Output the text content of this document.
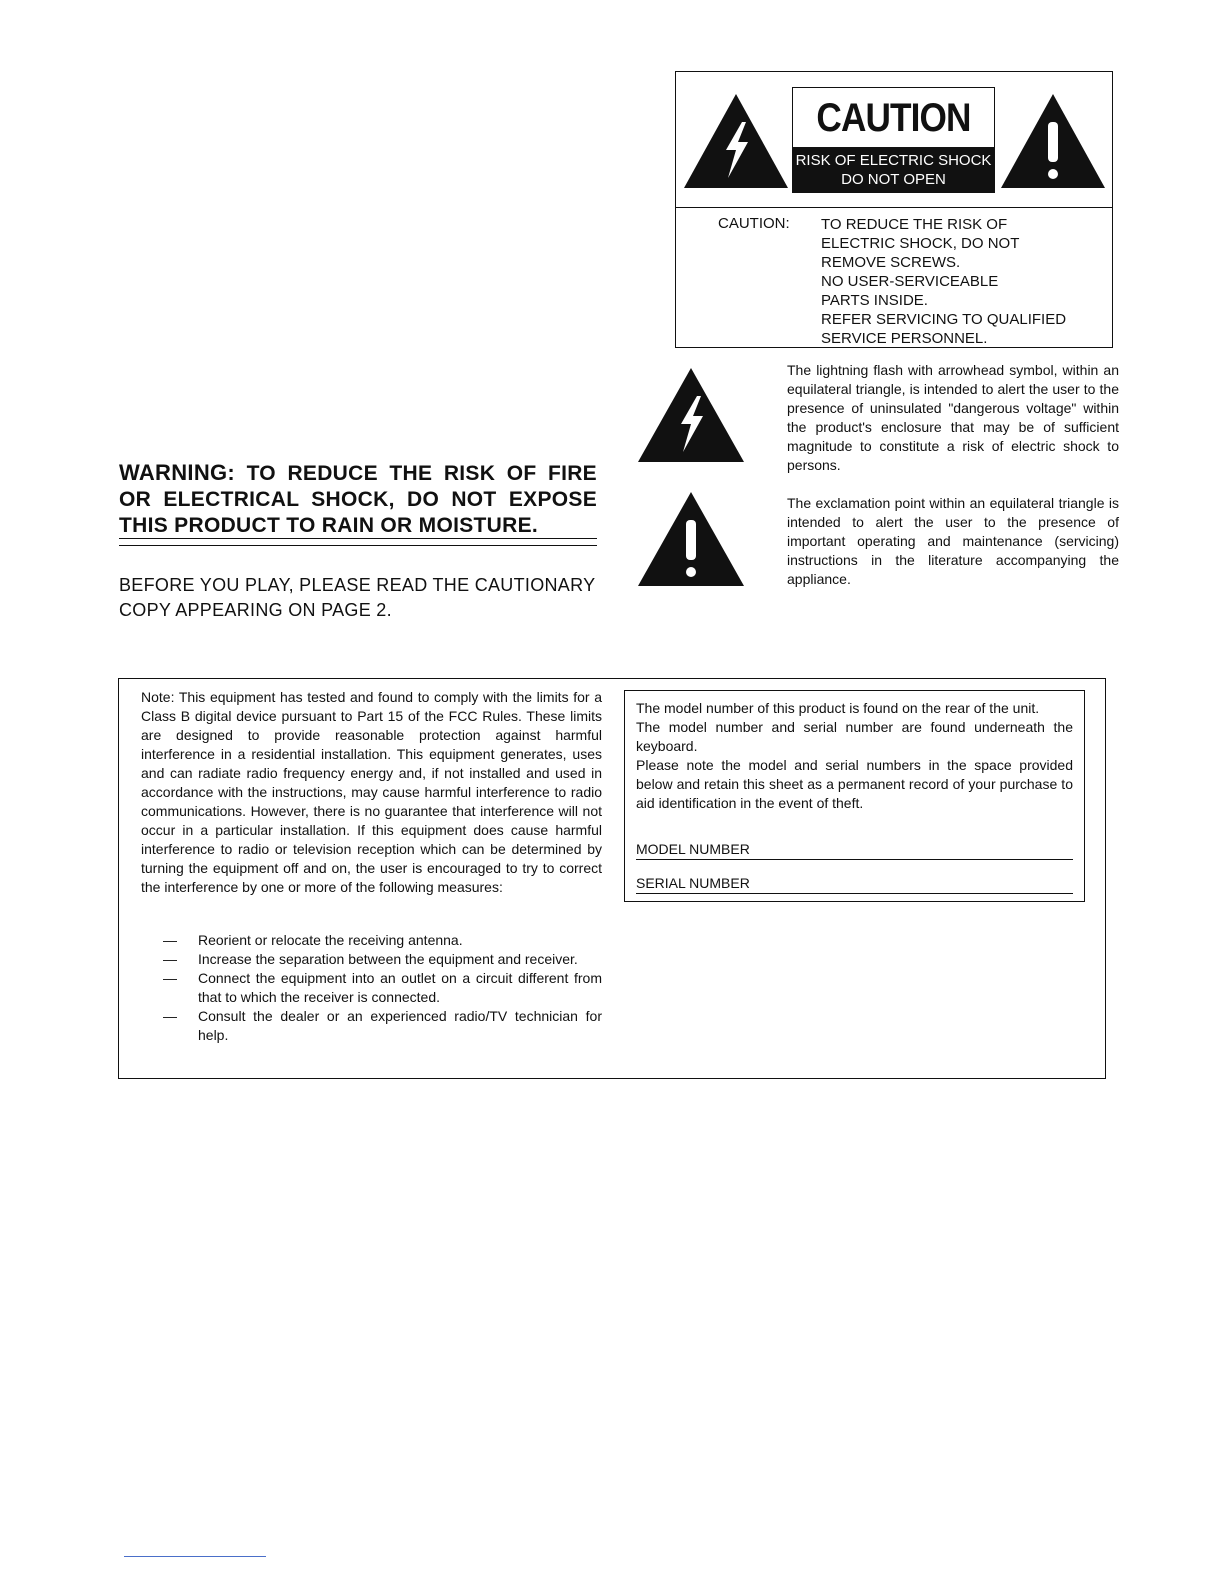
CAUTION
RISK OF ELECTRIC SHOCK
DO NOT OPEN
CAUTION: TO REDUCE THE RISK OF
ELECTRIC SHOCK, DO NOT
REMOVE SCREWS.
NO USER-SERVICEABLE
PARTS INSIDE.
REFER SERVICING TO QUALIFIED
SERVICE PERSONNEL.
The lightning flash with arrowhead symbol, within an equilateral triangle, is intended to alert the user to the presence of uninsulated "dangerous voltage" within the product's enclosure that may be of sufficient magnitude to constitute a risk of electric shock to persons.
The exclamation point within an equilateral triangle is intended to alert the user to the presence of important operating and maintenance (servicing) instructions in the literature accompanying the appliance.
WARNING: TO REDUCE THE RISK OF FIRE OR ELECTRICAL SHOCK, DO NOT EXPOSE THIS PRODUCT TO RAIN OR MOISTURE.
BEFORE YOU PLAY, PLEASE READ THE CAUTIONARY COPY APPEARING ON PAGE 2.
Note: This equipment has tested and found to comply with the limits for a Class B digital device pursuant to Part 15 of the FCC Rules. These limits are designed to provide reasonable protection against harmful interference in a residential installation. This equipment generates, uses and can radiate radio frequency energy and, if not installed and used in accordance with the instructions, may cause harmful interference to radio communications. However, there is no guarantee that interference will not occur in a particular installation. If this equipment does cause harmful interference to radio or television reception which can be determined by turning the equipment off and on, the user is encouraged to try to correct the interference by one or more of the following measures:
— Reorient or relocate the receiving antenna.
— Increase the separation between the equipment and receiver.
— Connect the equipment into an outlet on a circuit different from that to which the receiver is connected.
— Consult the dealer or an experienced radio/TV technician for help.
The model number of this product is found on the rear of the unit.
The model number and serial number are found underneath the keyboard.
Please note the model and serial numbers in the space provided below and retain this sheet as a permanent record of your purchase to aid identification in the event of theft.
MODEL NUMBER
SERIAL NUMBER
